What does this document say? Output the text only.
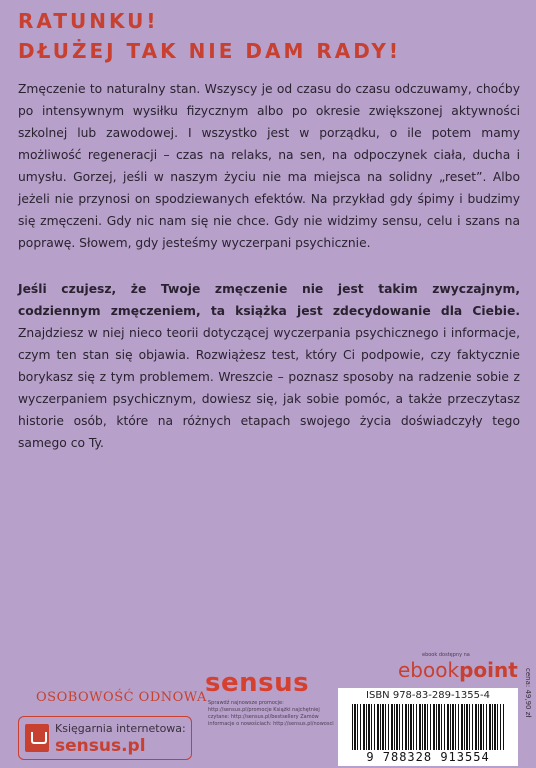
RATUNKU!
DŁUŻEJ TAK NIE DAM RADY!
Zmęczenie to naturalny stan. Wszyscy je od czasu do czasu odczuwamy, choćby po intensywnym wysiłku fizycznym albo po okresie zwiększonej aktywności szkolnej lub zawodowej. I wszystko jest w porządku, o ile potem mamy możliwość regeneracji – czas na relaks, na sen, na odpoczynek ciała, ducha i umysłu. Gorzej, jeśli w naszym życiu nie ma miejsca na solidny „reset”. Albo jeżeli nie przynosi on spodziewanych efektów. Na przykład gdy śpimy i budzimy się zmęczeni. Gdy nic nam się nie chce. Gdy nie widzimy sensu, celu i szans na poprawę. Słowem, gdy jesteśmy wyczerpani psychicznie.
Jeśli czujesz, że Twoje zmęczenie nie jest takim zwyczajnym, codziennym zmęczeniem, ta książka jest zdecydowanie dla Ciebie. Znajdziesz w niej nieco teorii dotyczącej wyczerpania psychicznego i informacje, czym ten stan się objawia. Rozwiążesz test, który Ci podpowie, czy faktycznie borykasz się z tym problemem. Wreszcie – poznasz sposoby na radzenie sobie z wyczerpaniem psychicznym, dowiesz się, jak sobie pomóc, a także przeczytasz historie osób, które na różnych etapach swojego życia doświadczyły tego samego co Ty.
OSOBOWOŚĆ ODNOWA
Księgarnia internetowa:
sensus.pl
sensus
Sprawdź najnowsze promocje: http://sensus.pl/promocje Książki najchętniej czytane: http://sensus.pl/bestsellery Zamów informacje o nowościach: http://sensus.pl/nowosci
ebook dostępny na
ebookpoint
ISBN 978-83-289-1355-4
9 788328 913554
cena: 49,90 zł
